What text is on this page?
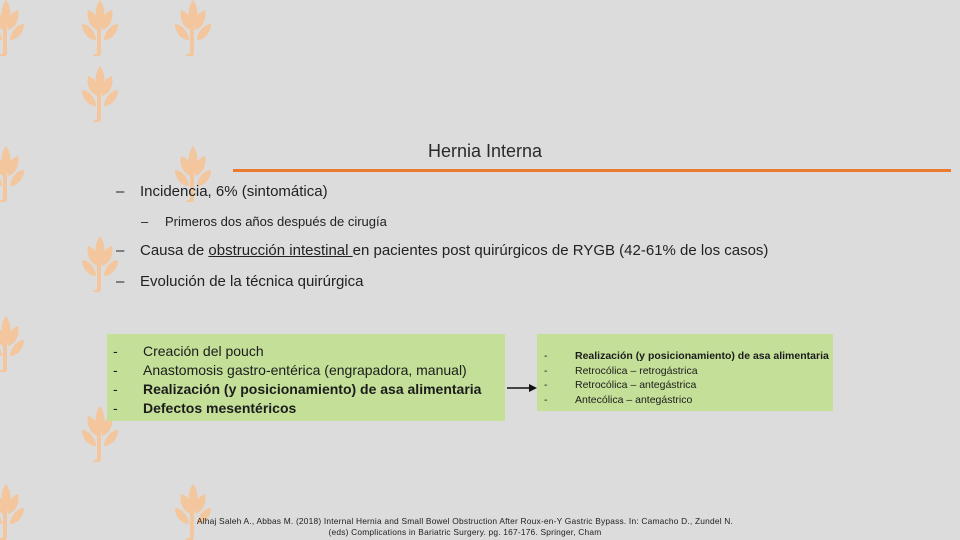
Hernia Interna
– Incidencia, 6% (sintomática)
– Primeros dos años después de cirugía
– Causa de obstrucción intestinal en pacientes post quirúrgicos de RYGB (42-61% de los casos)
– Evolución de la técnica quirúrgica
- Creación del pouch
- Anastomosis gastro-entérica (engrapadora, manual)
- Realización (y posicionamiento) de asa alimentaria
- Defectos mesentéricos
-	Realización (y posicionamiento) de asa alimentaria
-	Retrocólica – retrogástrica
-	Retrocólica – antegástrica
-	Antecólica – antegástrico
Alhaj Saleh A., Abbas M. (2018) Internal Hernia and Small Bowel Obstruction After Roux-en-Y Gastric Bypass. In: Camacho D., Zundel N.
(eds) Complications in Bariatric Surgery. pg. 167-176. Springer, Cham
